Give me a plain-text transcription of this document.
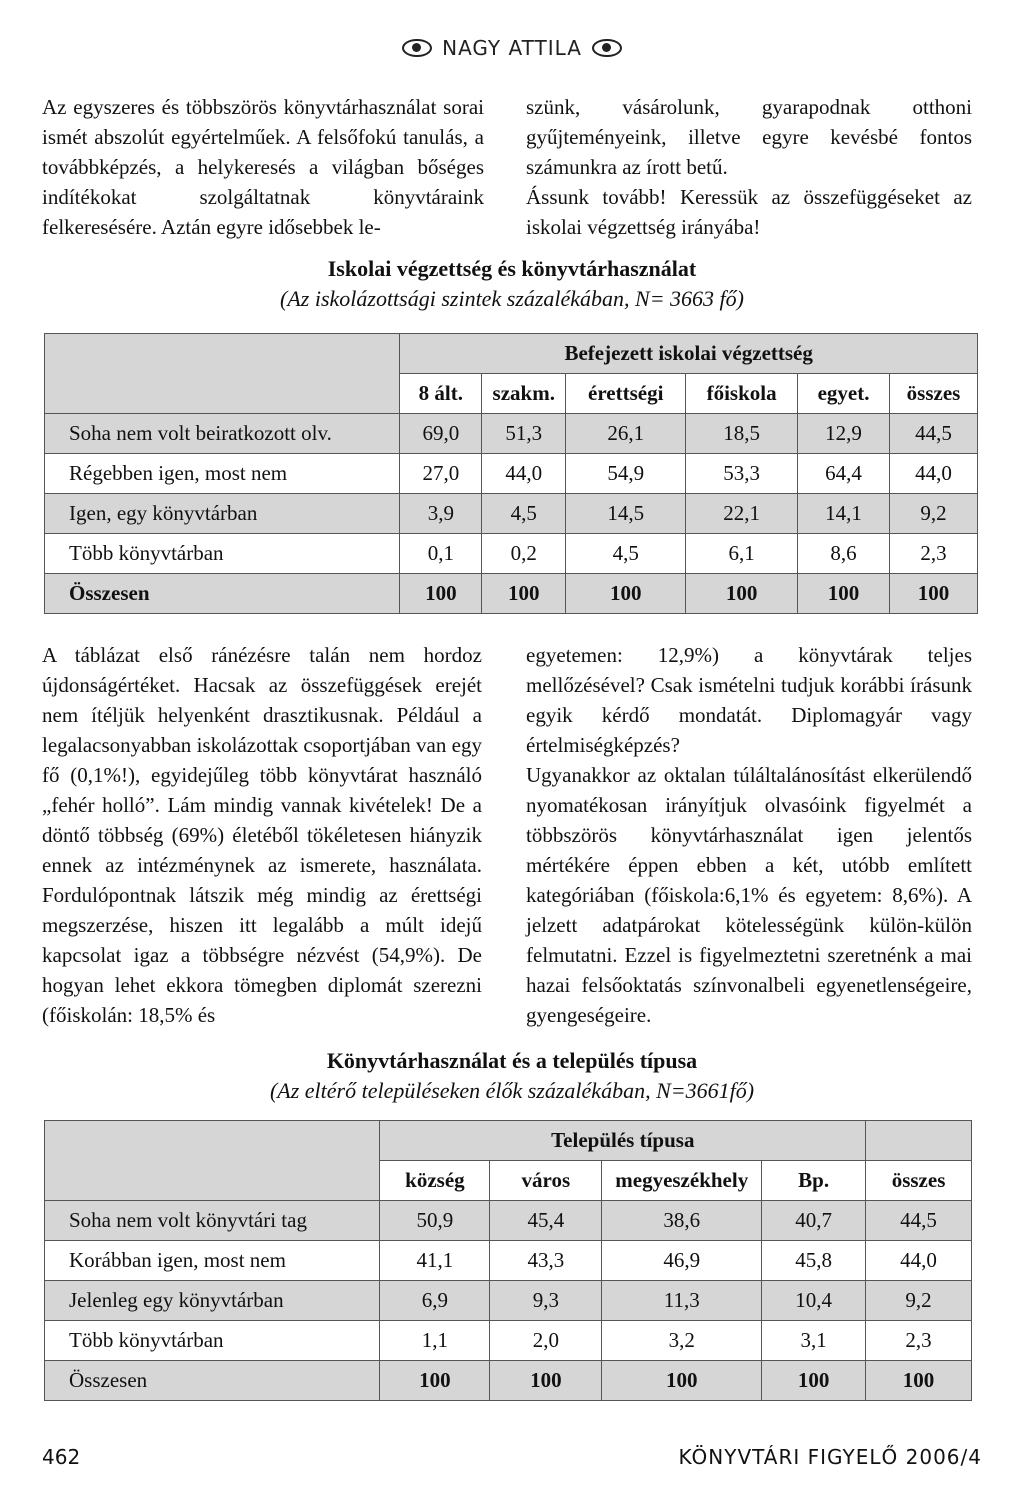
NAGY ATTILA

Az egyszeres és többszörös könyvtárhasználat sorai ismét abszolút egyértelműek. A felsőfokú tanulás, a továbbképzés, a helykeresés a világban bőséges indítékokat szolgáltatnak könyvtáraink felkeresésére. Aztán egyre idősebbek le-

szünk, vásárolunk, gyarapodnak otthoni gyűjteményeink, illetve egyre kevésbé fontos számunkra az írott betű.

Ássunk tovább! Keressük az összefüggéseket az iskolai végzettség irányába!

Iskolai végzettség és könyvtárhasználat
(Az iskolázottsági szintek százalékában, N= 3663 fő)
	Befejezett iskolai végzettség					
	8 ált.	szakm.	érettségi	főiskola	egyet.	összes
Soha nem volt beiratkozott olv.	69,0	51,3	26,1	18,5	12,9	44,5
Régebben igen, most nem	27,0	44,0	54,9	53,3	64,4	44,0
Igen, egy könyvtárban	3,9	4,5	14,5	22,1	14,1	9,2
Több könyvtárban	0,1	0,2	4,5	6,1	8,6	2,3
Összesen	100	100	100	100	100	100

A táblázat első ránézésre talán nem hordoz újdonságértéket. Hacsak az összefüggések erejét nem ítéljük helyenként drasztikusnak. Például a legalacsonyabban iskolázottak csoportjában van egy fő (0,1%!), egyidejűleg több könyvtárat használó „fehér holló”. Lám mindig vannak kivételek! De a döntő többség (69%) életéből tökéletesen hiányzik ennek az intézménynek az ismerete, használata. Fordulópontnak látszik még mindig az érettségi megszerzése, hiszen itt legalább a múlt idejű kapcsolat igaz a többségre nézvést (54,9%). De hogyan lehet ekkora tömegben diplomát szerezni (főiskolán: 18,5% és

egyetemen: 12,9%) a könyvtárak teljes mellőzésével? Csak ismételni tudjuk korábbi írásunk egyik kérdő mondatát. Diplomagyár vagy értelmiségképzés?

Ugyanakkor az oktalan túláltalánosítást elkerülendő nyomatékosan irányítjuk olvasóink figyelmét a többszörös könyvtárhasználat igen jelentős mértékére éppen ebben a két, utóbb említett kategóriában (főiskola:6,1% és egyetem: 8,6%). A jelzett adatpárokat kötelességünk külön-külön felmutatni. Ezzel is figyelmeztetni szeretnénk a mai hazai felsőoktatás színvonalbeli egyenetlenségeire, gyengeségeire.

Könyvtárhasználat és a település típusa
(Az eltérő településeken élők százalékában, N=3661fő)
	Település típusa				
	község	város	megyeszékhely	Bp.	összes
Soha nem volt könyvtári tag	50,9	45,4	38,6	40,7	44,5
Korábban igen, most nem	41,1	43,3	46,9	45,8	44,0
Jelenleg egy könyvtárban	6,9	9,3	11,3	10,4	9,2
Több könyvtárban	1,1	2,0	3,2	3,1	2,3
Összesen	100	100	100	100	100
462	KÖNYVTÁRI FIGYELŐ 2006/4
